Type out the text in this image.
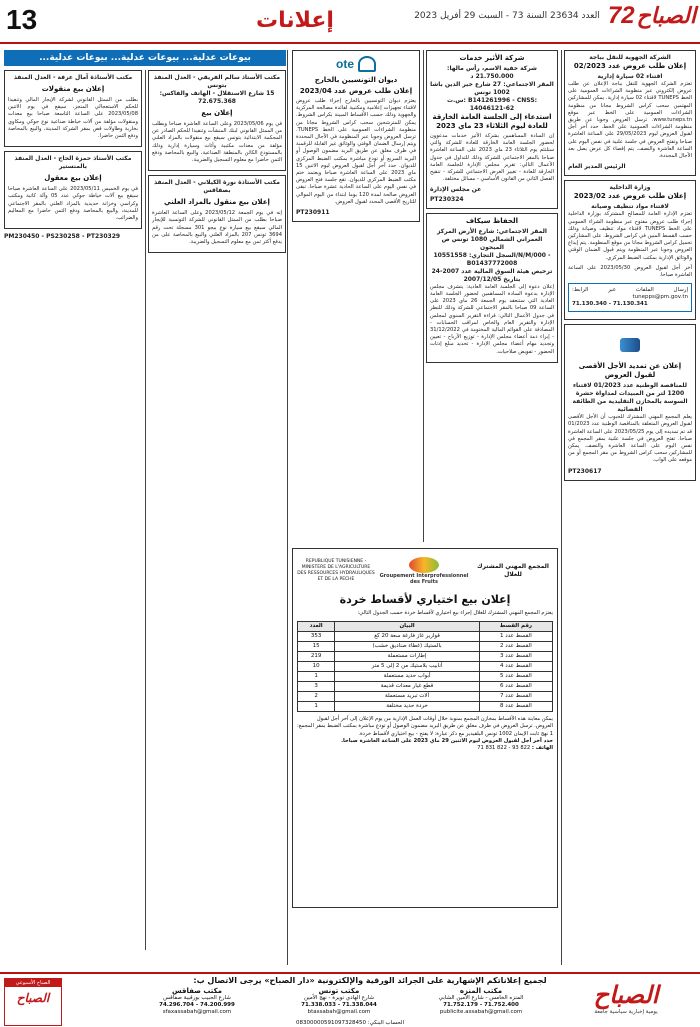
13	إعلانات	72 الصباح
العدد 23634 السنة 73 - السبت 29 أفريل 2023
الشركة الجهوية للنقل بباجة
إعلان طلب عروض عدد 02/2023
اقتناء 02 سيارة إدارية

تعتزم الشركة الجهوية للنقل بباجة الإعلان عن طلب عروض إلكتروني عبر منظومة الشراءات العمومية على الخط TUNEPS لاقتناء 02 سيارة إدارية. يمكن للمشاركين المهتمين سحب كراس الشروط مجانا من منظومة الشراءات العمومية على الخط عبر موقع www.tuneps.tn. ترسل العروض وجوبا عن طريق منظومة الشراءات العمومية على الخط. حدد آخر أجل لقبول العروض ليوم 29/05/2023 على الساعة العاشرة صباحا وتفتح العروض في جلسة علنية في نفس اليوم على الساعة العاشرة والنصف. يتم إقصاء كل عرض يصل بعد الآجال المحددة.

الرئيس المدير العام
وزارة الداخلية
إعلان طلب عروض عدد 2023/02
لاقتناء مواد تنظيف وصيانة

تعتزم الإدارة العامة للمصالح المشتركة بوزارة الداخلية إجراء طلب عروض مفتوح عبر منظومة الشراء العمومي على الخط TUNEPS لاقتناء مواد تنظيف وصيانة وذلك حسب القسط المبين في كراس الشروط. على المشاركين تحميل كراس الشروط مجانا من موقع المنظومة. يتم إيداع العروض وجوبا عبر المنظومة ويتم قبول الضمان الوقتي والوثائق الإدارية بمكتب الضبط المركزي.

آخر أجل لقبول العروض 2023/05/30 على الساعة العاشرة صباحا.

إرسال الملفات عبر الرابط: tunepps@pm.gov.tn
71.130.340 - 71.130.341
إعلان عن تمديد الأجل الأقصى لقبول العروض
للمناقصة الوطنية عدد 01/2023 لاقتناء 1200 لتر من المبيدات لمداواة حشرة السوسة بالمخازن التقليدية من الطائفة القضائية

يعلم المجمع المهني المشترك للحبوب أن الأجل الأقصى لقبول العروض المتعلقة بالمناقصة الوطنية عدد 01/2023 قد تم تمديده إلى يوم 2023/05/25 على الساعة العاشرة صباحا. تفتح العروض في جلسة علنية بمقر المجمع في نفس اليوم على الساعة العاشرة والنصف. يمكن للمشاركين سحب كراس الشروط من مقر المجمع أو من موقعه على الواب.

PT230617
شركة الأثير خدمات
شركة خفية الاسم، رأس مالها: 21.750.000 د
المقر الاجتماعي: 27 شارع خير الدين باشا 1002 تونس
س.ت: B141261996 - CNSS: 14046121-62
استدعاء إلى الجلسة العامة الخارقة للعادة ليوم الثلاثاء 23 ماي 2023

إن السادة المساهمين بشركة الأثير خدمات مدعوون لحضور الجلسة العامة الخارقة للعادة للشركة والتي ستلتئم يوم الثلاثاء 23 ماي 2023 على الساعة العاشرة صباحا بالمقر الاجتماعي للشركة وذلك للتداول في جدول الأعمال التالي: تقرير مجلس الإدارة للجلسة العامة الخارقة للعادة - تغيير الغرض الاجتماعي للشركة - تنقيح الفصل الثاني من القانون الأساسي - مسائل مختلفة.

عن مجلس الإدارة
PT230324
الحفاظ سيكاف
المقر الاجتماعي: شارع الأرض المركز العمراني الشمالي 1080 تونس ص الميحون
السجل التجاري: 10551558/N/M/000 - B01437772008
ترخيص هيئة السوق المالية عدد 2007-24 بتاريخ 2007/12/05

إعلان دعوة إلى الجلسة العامة العادية: يتشرف مجلس الإدارة بدعوة السادة المساهمين لحضور الجلسة العامة العادية التي ستنعقد يوم الجمعة 26 ماي 2023 على الساعة 09 صباحا بالمقر الاجتماعي للشركة وذلك للنظر في جدول الأعمال التالي: قراءة التقرير السنوي لمجلس الإدارة والتقرير العام والخاص لمراقب الحسابات - المصادقة على القوائم المالية المختومة في 31/12/2022 - إبراء ذمة أعضاء مجلس الإدارة - توزيع الأرباح - تعيين وتجديد مهام أعضاء مجلس الإدارة - تحديد مبلغ إذنات الحضور - تفويض صلاحيات.

ote
ديوان التونسيين بالخارج
إعلان طلب عروض عدد 2023/04

يعتزم ديوان التونسيين بالخارج إجراء طلب عروض لاقتناء تجهيزات إعلامية ومكتبية لفائدة مصالحه المركزية والجهوية وذلك حسب الأقساط المبينة بكراس الشروط. يمكن للمترشحين سحب كراس الشروط مجانا من منظومة الشراءات العمومية على الخط TUNEPS. ترسل العروض وجوبا عبر المنظومة في الآجال المحددة ويتم إرسال الضمان الوقتي والوثائق غير القابلة للرقمنة في ظرف مغلق عن طريق البريد مضمون الوصول أو البريد السريع أو تودع مباشرة بمكتب الضبط المركزي للديوان. حدد آخر أجل لقبول العروض ليوم الاثنين 15 ماي 2023 على الساعة العاشرة صباحا ويعتمد ختم مكتب الضبط المركزي للديوان. تقع جلسة فتح العروض في نفس اليوم على الساعة الحادية عشرة صباحا. تبقى العروض صالحة لمدة 120 يوما ابتداء من اليوم الموالي للتاريخ الأقصى المحدد لقبول العروض.

PT230911
المجمع المهني المشترك للغلال
Groupement Interprofessionnel des Fruits
REPUBLIQUE TUNISIENNE - MINISTERE DE L'AGRICULTURE DES RESSOURCES HYDRAULIQUES ET DE LA PECHE
إعلان بيع اختياري لأقساط خردة

يعتزم المجمع المهني المشترك للغلال إجراء بيع اختياري لأقساط خردة حسب الجدول التالي:

رقم القسط	البيان	العدد
القسط عدد 1	قوارير غاز فارغة سعة 20 كغ	353
القسط عدد 2	بالستيك (غطاء صناديق خشب)	15
القسط عدد 3	إطارات مستعملة	219
القسط عدد 4	أنابيب بلاستيك من 2 إلى 5 متر	10
القسط عدد 5	أبواب حديد مستعملة	1
القسط عدد 6	قطع غيار معدات قديمة	3
القسط عدد 7	آلات تبريد مستعملة	2
القسط عدد 8	خردة حديد مختلفة	1

يمكن معاينة هذه الأقساط بمخازن المجمع بمنوبة خلال أوقات العمل الإدارية من يوم الإعلان إلى آخر أجل لقبول العروض. ترسل العروض في ظرف مغلق عن طريق البريد مضمون الوصول أو تودع مباشرة بمكتب الضبط بمقر المجمع: 1 نهج ثابت الإيمان 1002 تونس البلفيدير مع ذكر عبارة: لا يفتح - بيع اختياري لأقساط خردة.

حدد آخر أجل لقبول العروض ليوم الاثنين 29 ماي 2023 على الساعة العاشرة صباحا.

الهاتف : 71 831 822 - 93 822

بيوعات عدلية... بيوعات عدلية... بيوعات عدلية...
مكتب الأستاذ سالم الفريقي - العدل المنفذ بتونس
15 شارع الاستقلال - الهاتف والفاكس: 72.675.368
إعلان بيع

في يوم 2023/05/06 وعلى الساعة العاشرة صباحا وبطلب من الممثل القانوني لبنك المنشآت وتنفيذا للحكم الصادر عن المحكمة الابتدائية بتونس سيقع بيع منقولات بالمزاد العلني مؤلفة من معدات مكتبية وأثاث وسيارة إدارية وذلك بالمستودع الكائن بالمنطقة الصناعية، والبيع بالمحاصة ودفع الثمن حاضرا مع معلوم التسجيل والضريبة.

مكتب الأستاذة نورة الكيلاني - العدل المنفذ بصفاقس
إعلان بيع منقول بالمزاد العلني

إنه في يوم الجمعة 2023/05/12 وعلى الساعة العاشرة صباحا بطلب من الممثل القانوني للشركة التونسية للإيجار المالي سيقع بيع سيارة نوع بيجو 301 مسجلة تحت رقم 3694 تونس 207 بالمزاد العلني والبيع بالمحاصة على من يدفع أكثر ثمن مع معلوم التسجيل والضريبة.

مكتب الأستاذة آمال عرفة - العدل المنفذ
إعلان بيع منقولات

بطلب من الممثل القانوني لشركة الإيجار المالي وتنفيذا للحكم الاستعجالي المنجز، سيقع في يوم الاثنين 2023/05/08 على الساعة التاسعة صباحا بيع معدات ومنقولات مؤلفة من آلات خياطة صناعية نوع جوكي ومكاوي بخارية وطاولات قص بمقر الشركة المدينة، والبيع بالمحاصة ودفع الثمن حاضرا.

مكتب الأستاذ حمزة الحاج - العدل المنفذ بالمنستير
إعلان بيع معقول

في يوم الخميس 2023/05/11 على الساعة العاشرة صباحا سيقع بيع آلات خياطة جوكي عدد 05 وآلة كاتبة ومكتب وكراسي وخزانة حديدية بالمزاد العلني بالمقر الاجتماعي للمدينة، والبيع بالمحاصة ودفع الثمن حاضرا مع المعاليم والضرائب.

PM230450 - PS230258 - PT230329
لجميع إعلاناتكم الإشهارية على الجرائد الورقية والإلكترونية «دار الصباح» يرجى الاتصال ب:
مكتب المنزه
المنزه الخامس - شارع الأمين الشابي
71.752.179 - 71.752.400
publicite.assabah@gmail.com
مكتب تونس
شارع الهادي نويرة - نهج الأمين
71.338.033 - 71.338.044
btassabah@gmail.com
مكتب صفاقس
شارع الحبيب بورقيبة صفاقس
74.296.704 - 74.200.999
sfaxassabah@gmail.com
الحساب البنكي: 08300000591097328450
الصباح
يومية إخبارية سياسية جامعة
الصباح الأسبوعي
الصباح
